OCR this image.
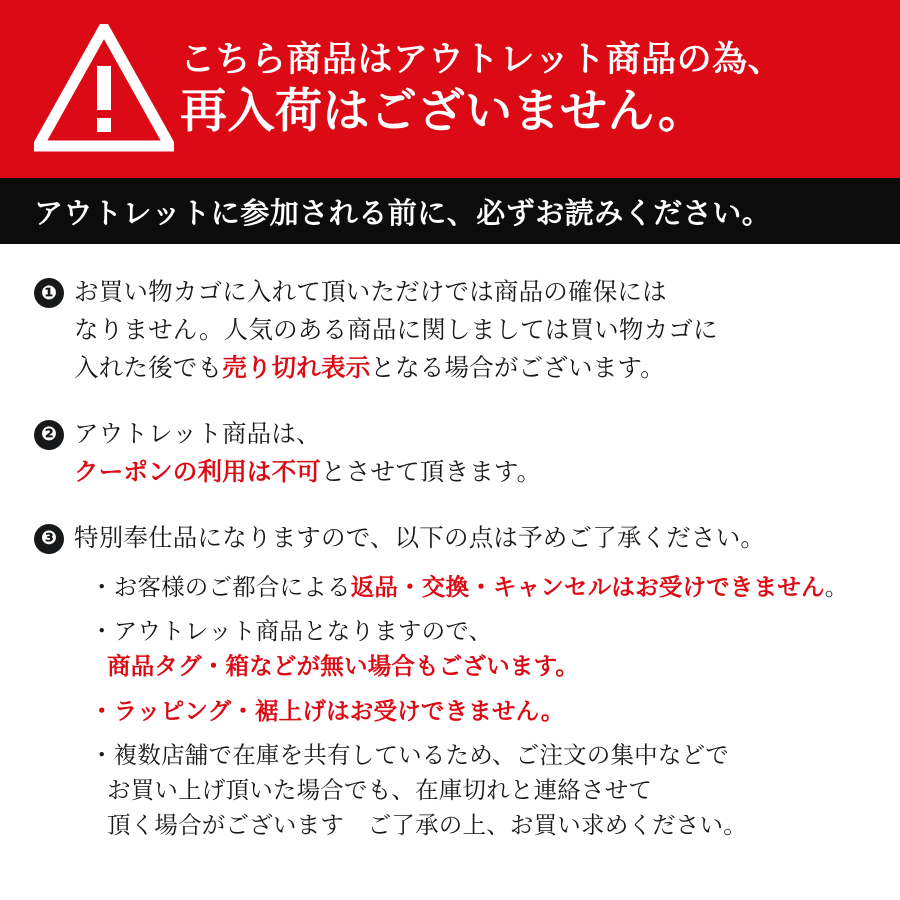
こちら商品はアウトレット商品の為、
再入荷はございません。
アウトレットに参加される前に、必ずお読みください。
❶ お買い物カゴに入れて頂いただけでは商品の確保には

なりません。人気のある商品に関しましては買い物カゴに

入れた後でも売り切れ表示となる場合がございます。

❷ アウトレット商品は、

クーポンの利用は不可とさせて頂きます。

❸ 特別奉仕品になりますので、以下の点は予めご了承ください。

・お客様のご都合による返品・交換・キャンセルはお受けできません。
・アウトレット商品となりますので、
商品タグ・箱などが無い場合もございます。
・ラッピング・裾上げはお受けできません。
・複数店舗で在庫を共有しているため、ご注文の集中などで
お買い上げ頂いた場合でも、在庫切れと連絡させて
頂く場合がございます　ご了承の上、お買い求めください。
